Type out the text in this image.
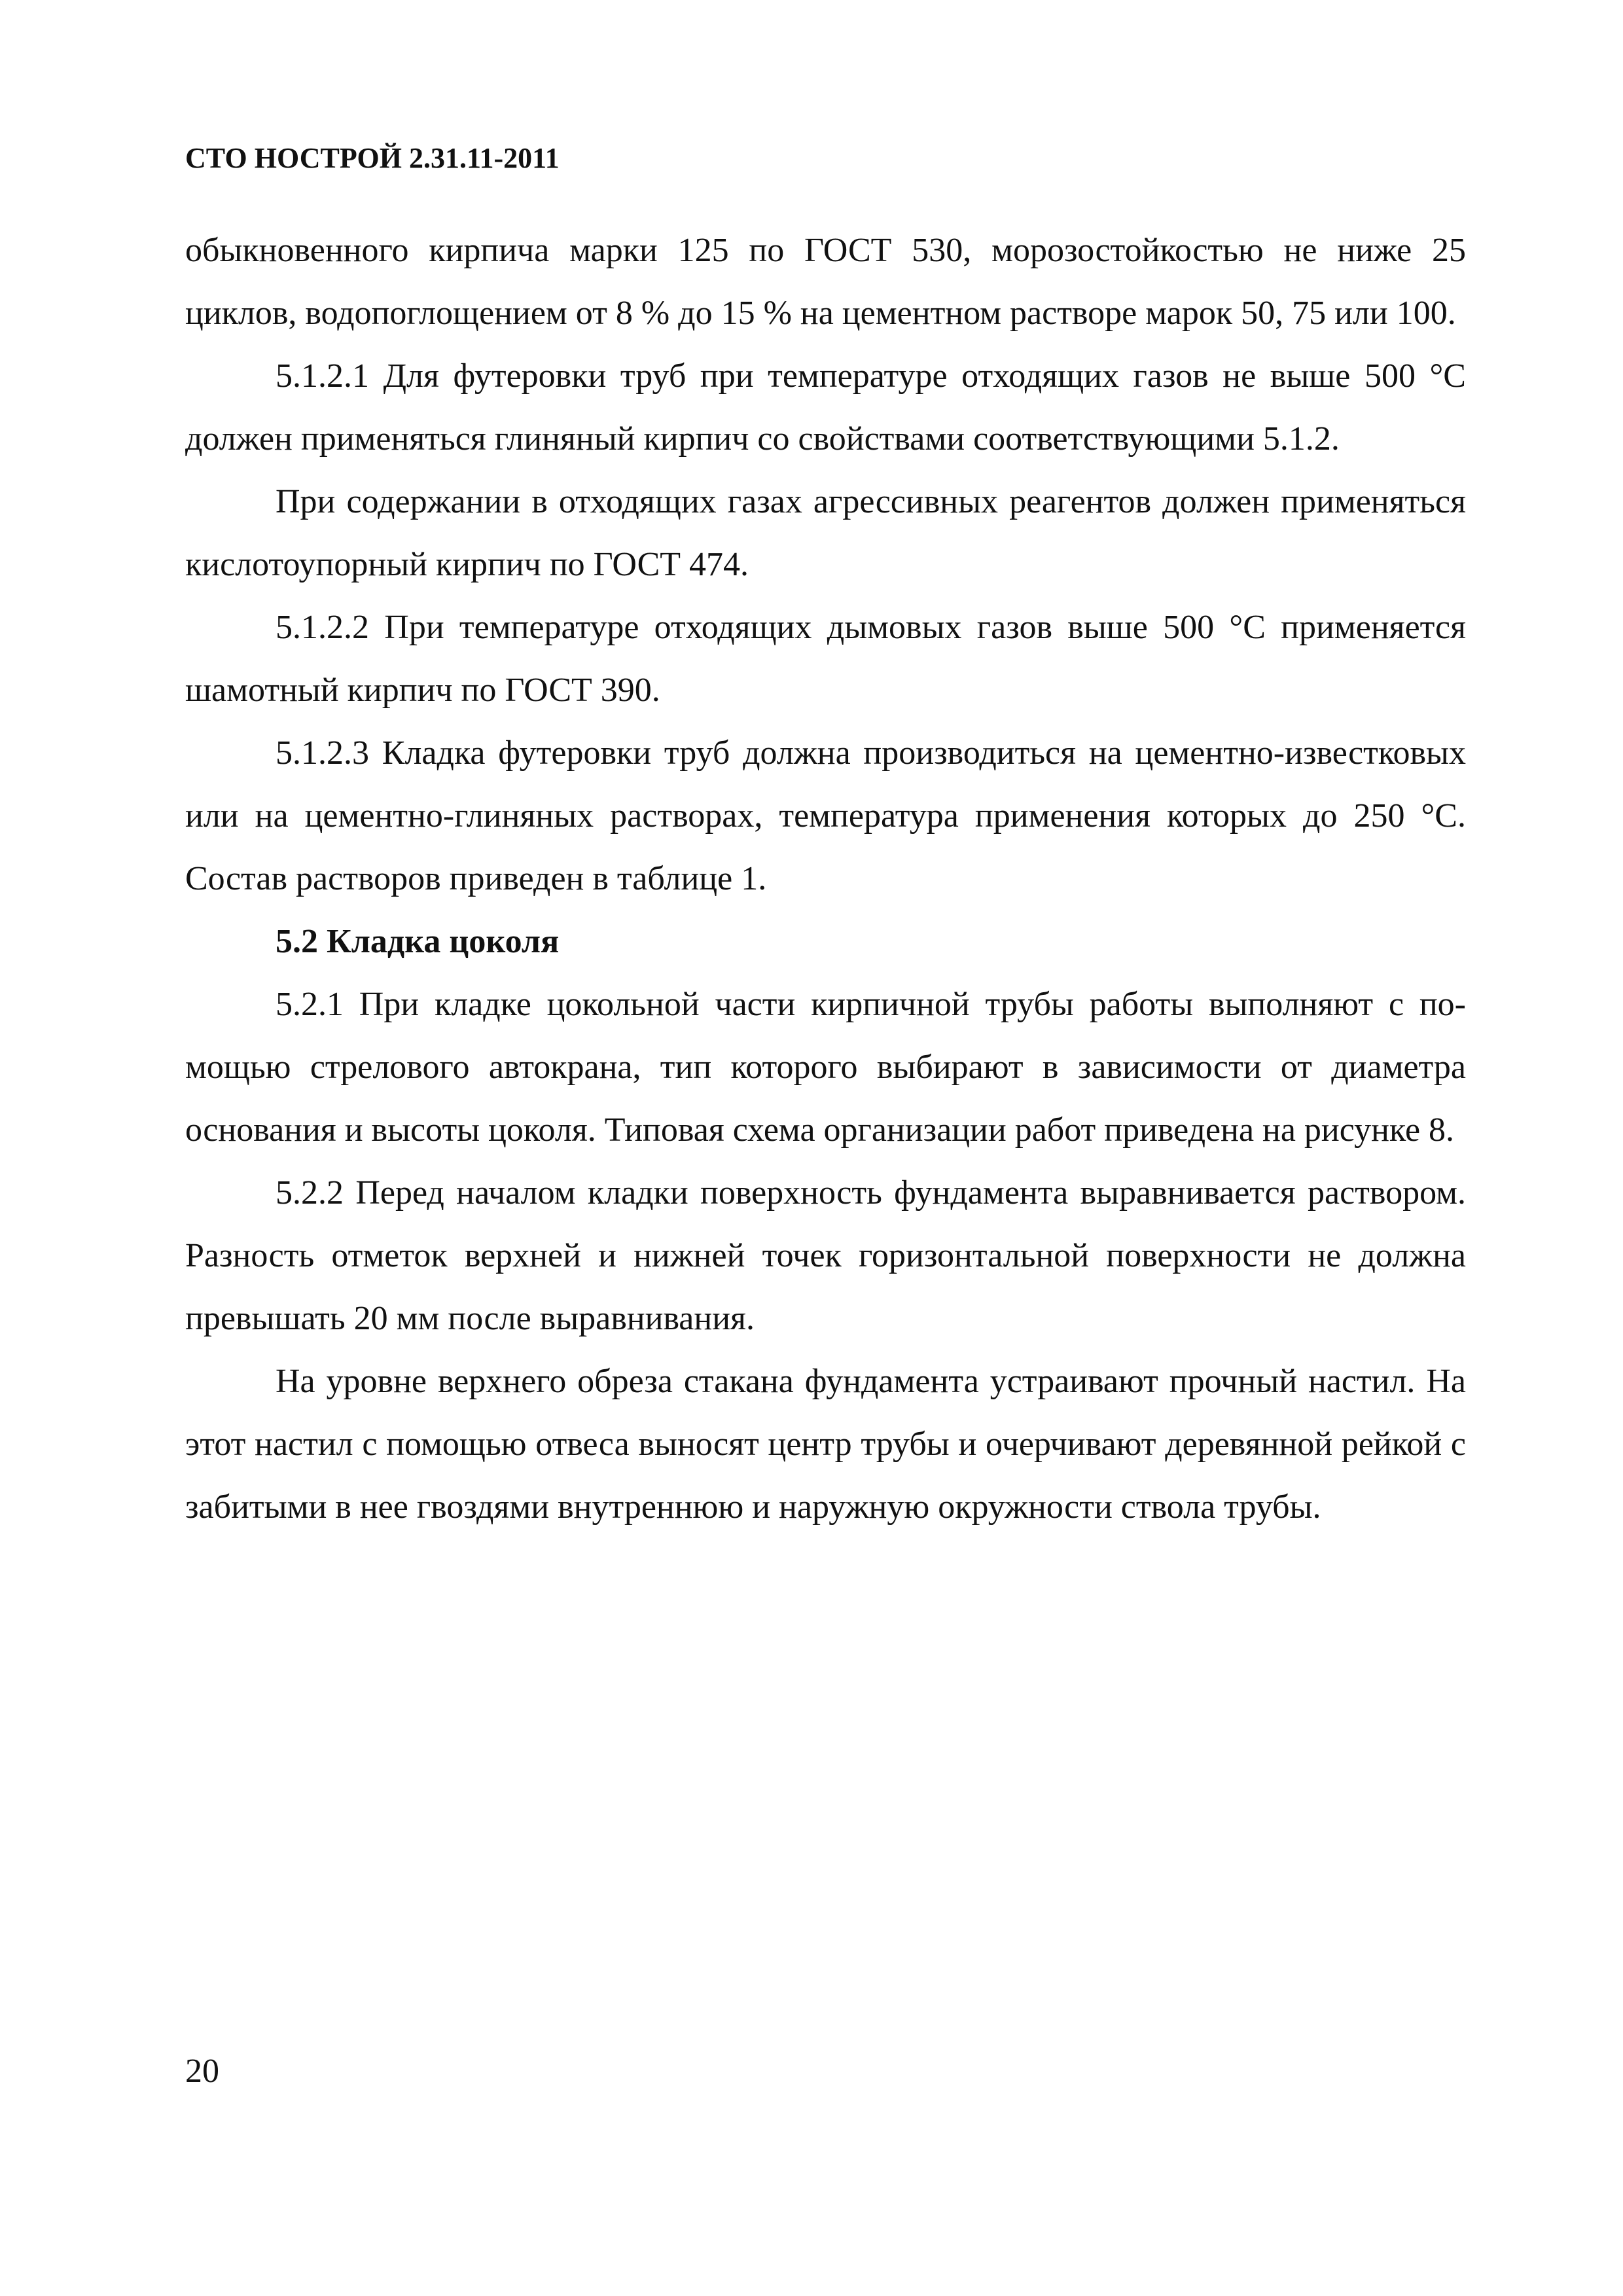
СТО НОСТРОЙ 2.31.11-2011

обыкновенного кирпича марки 125 по ГОСТ 530, морозостойкостью не ниже 25 циклов, водопоглощением от 8 % до 15 % на цементном растворе марок 50, 75 или 100.

5.1.2.1 Для футеровки труб при температуре отходящих газов не выше 500 °С должен применяться глиняный кирпич со свойствами соответствующими 5.1.2.

При содержании в отходящих газах агрессивных реагентов должен применяться кислотоупорный кирпич по ГОСТ 474.

5.1.2.2 При температуре отходящих дымовых газов выше 500 °С применяется шамотный кирпич по ГОСТ 390.

5.1.2.3 Кладка футеровки труб должна производиться на цементно-известковых или на цементно-глиняных растворах, температура применения которых до 250 °С. Состав растворов приведен в таблице 1.

5.2 Кладка цоколя

5.2.1 При кладке цокольной части кирпичной трубы работы выполняют с помощью стрелового автокрана, тип которого выбирают в зависимости от диаметра основания и высоты цоколя. Типовая схема организации работ приведена на рисунке 8.

5.2.2 Перед началом кладки поверхность фундамента выравнивается раствором. Разность отметок верхней и нижней точек горизонтальной поверхности не должна превышать 20 мм после выравнивания.

На уровне верхнего обреза стакана фундамента устраивают прочный настил. На этот настил с помощью отвеса выносят центр трубы и очерчивают деревянной рейкой с забитыми в нее гвоздями внутреннюю и наружную окружности ствола трубы.

20
